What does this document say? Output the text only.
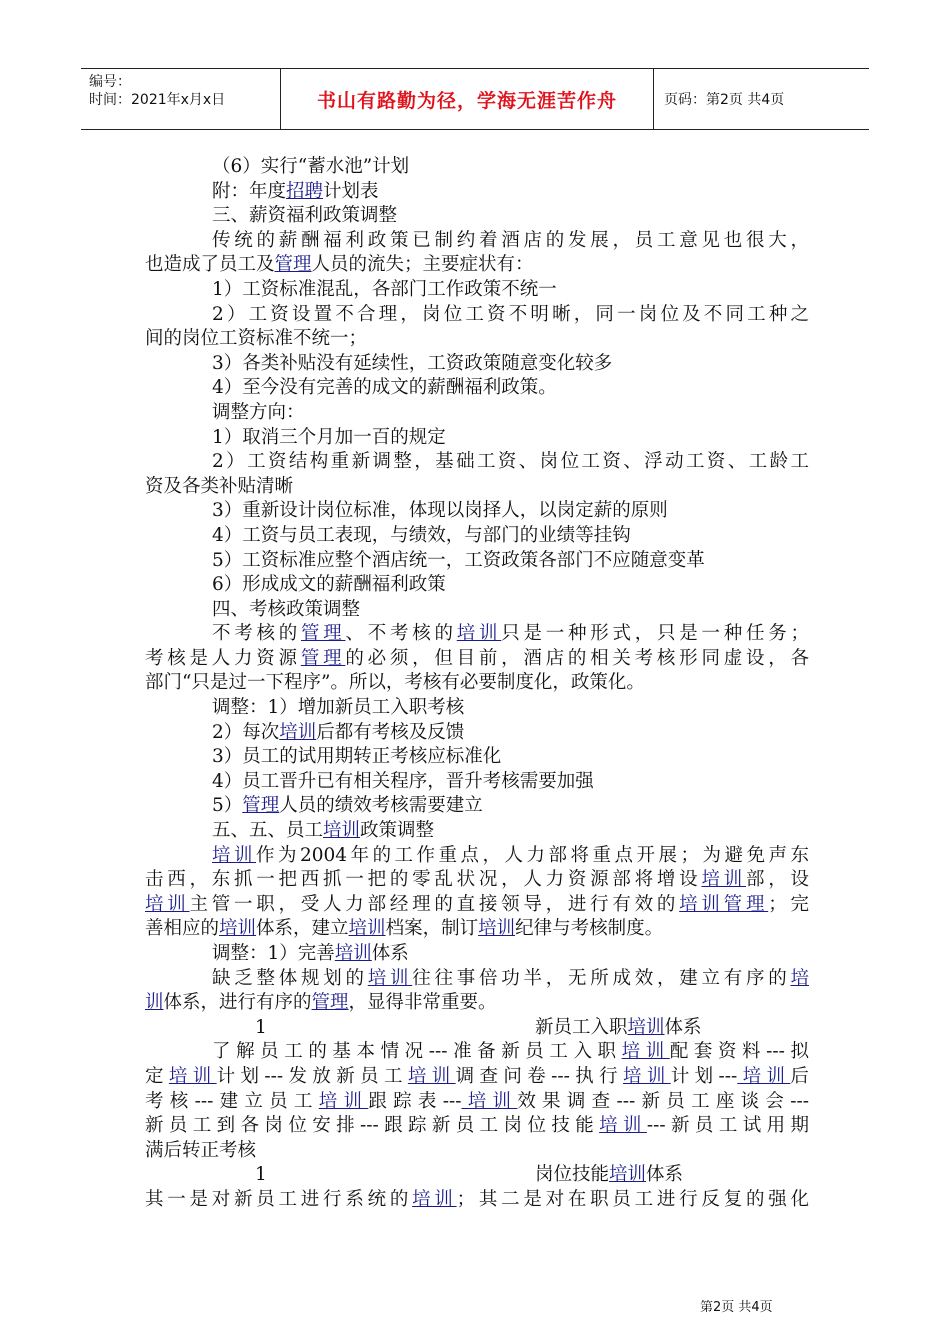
编号：
时间：2021年x月x日	书山有路勤为径，学海无涯苦作舟	页码：第2页 共4页
（6）实行“蓄水池”计划
附：年度招聘计划表
三、薪资福利政策调整
传统的薪酬福利政策已制约着酒店的发展，员工意见也很大，
也造成了员工及管理人员的流失；主要症状有：
1）工资标准混乱，各部门工作政策不统一
2）工资设置不合理，岗位工资不明晰，同一岗位及不同工种之
间的岗位工资标准不统一；
3）各类补贴没有延续性，工资政策随意变化较多
4）至今没有完善的成文的薪酬福利政策。
调整方向：
1）取消三个月加一百的规定
2）工资结构重新调整，基础工资、岗位工资、浮动工资、工龄工
资及各类补贴清晰
3）重新设计岗位标准，体现以岗择人，以岗定薪的原则
4）工资与员工表现，与绩效，与部门的业绩等挂钩
5）工资标准应整个酒店统一，工资政策各部门不应随意变革
6）形成成文的薪酬福利政策
四、考核政策调整
不考核的管理、不考核的培训只是一种形式，只是一种任务；
考核是人力资源管理的必须，但目前，酒店的相关考核形同虚设，各
部门“只是过一下程序”。所以，考核有必要制度化，政策化。
调整：1）增加新员工入职考核
2）每次培训后都有考核及反馈
3）员工的试用期转正考核应标准化
4）员工晋升已有相关程序，晋升考核需要加强
5）管理人员的绩效考核需要建立
五、五、员工培训政策调整
培训作为2004年的工作重点，人力部将重点开展；为避免声东
击西，东抓一把西抓一把的零乱状况，人力资源部将增设培训部，设
培训主管一职，受人力部经理的直接领导，进行有效的培训管理；完
善相应的培训体系，建立培训档案，制订培训纪律与考核制度。
调整：1）完善培训体系
缺乏整体规划的培训往往事倍功半，无所成效，建立有序的培
训体系，进行有序的管理，显得非常重要。
1	新员工入职培训体系
了解员工的基本情况---准备新员工入职培训配套资料---拟
定培训计划---发放新员工培训调查问卷---执行培训计划---培训后
考核---建立员工培训跟踪表---培训效果调查---新员工座谈会---
新员工到各岗位安排---跟踪新员工岗位技能培训---新员工试用期
满后转正考核
1	岗位技能培训体系
其一是对新员工进行系统的培训；其二是对在职员工进行反复的强化
第2页 共4页
